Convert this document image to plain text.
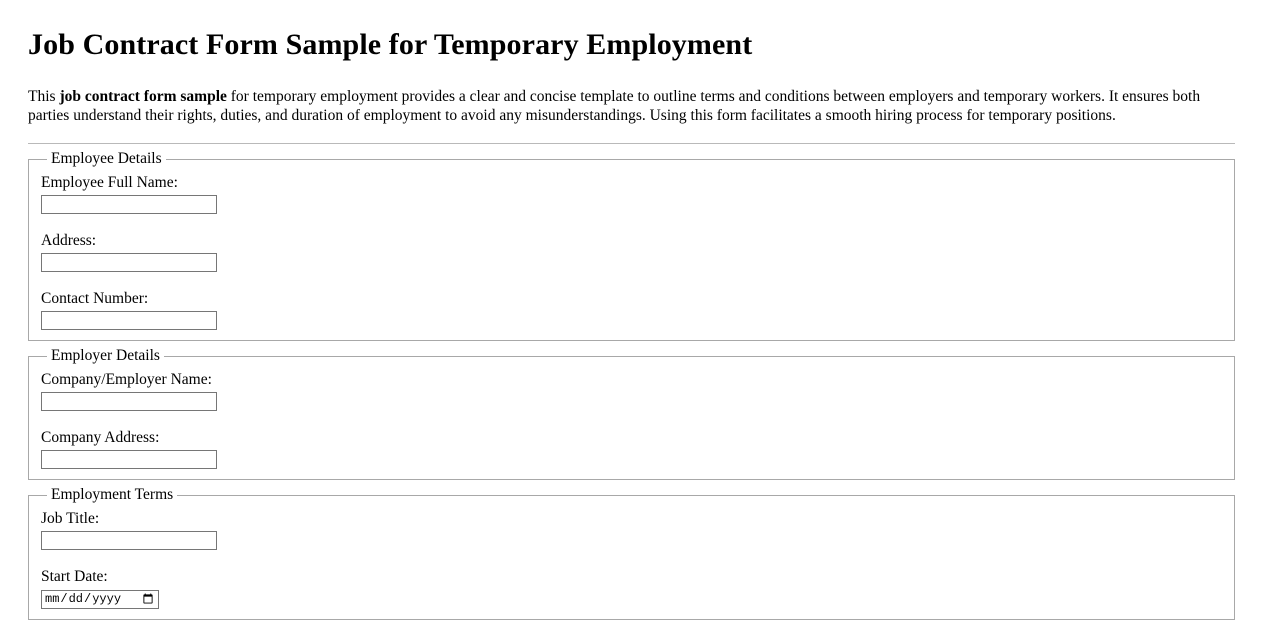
Job Contract Form Sample for Temporary Employment

This job contract form sample for temporary employment provides a clear and concise template to outline terms and conditions between employers and temporary workers. It ensures both parties understand their rights, duties, and duration of employment to avoid any misunderstandings. Using this form facilitates a smooth hiring process for temporary positions.

Employee Details
Employee Full Name:
Address:
Contact Number:
Employer Details
Company/Employer Name:
Company Address:
Employment Terms
Job Title:
Start Date:
